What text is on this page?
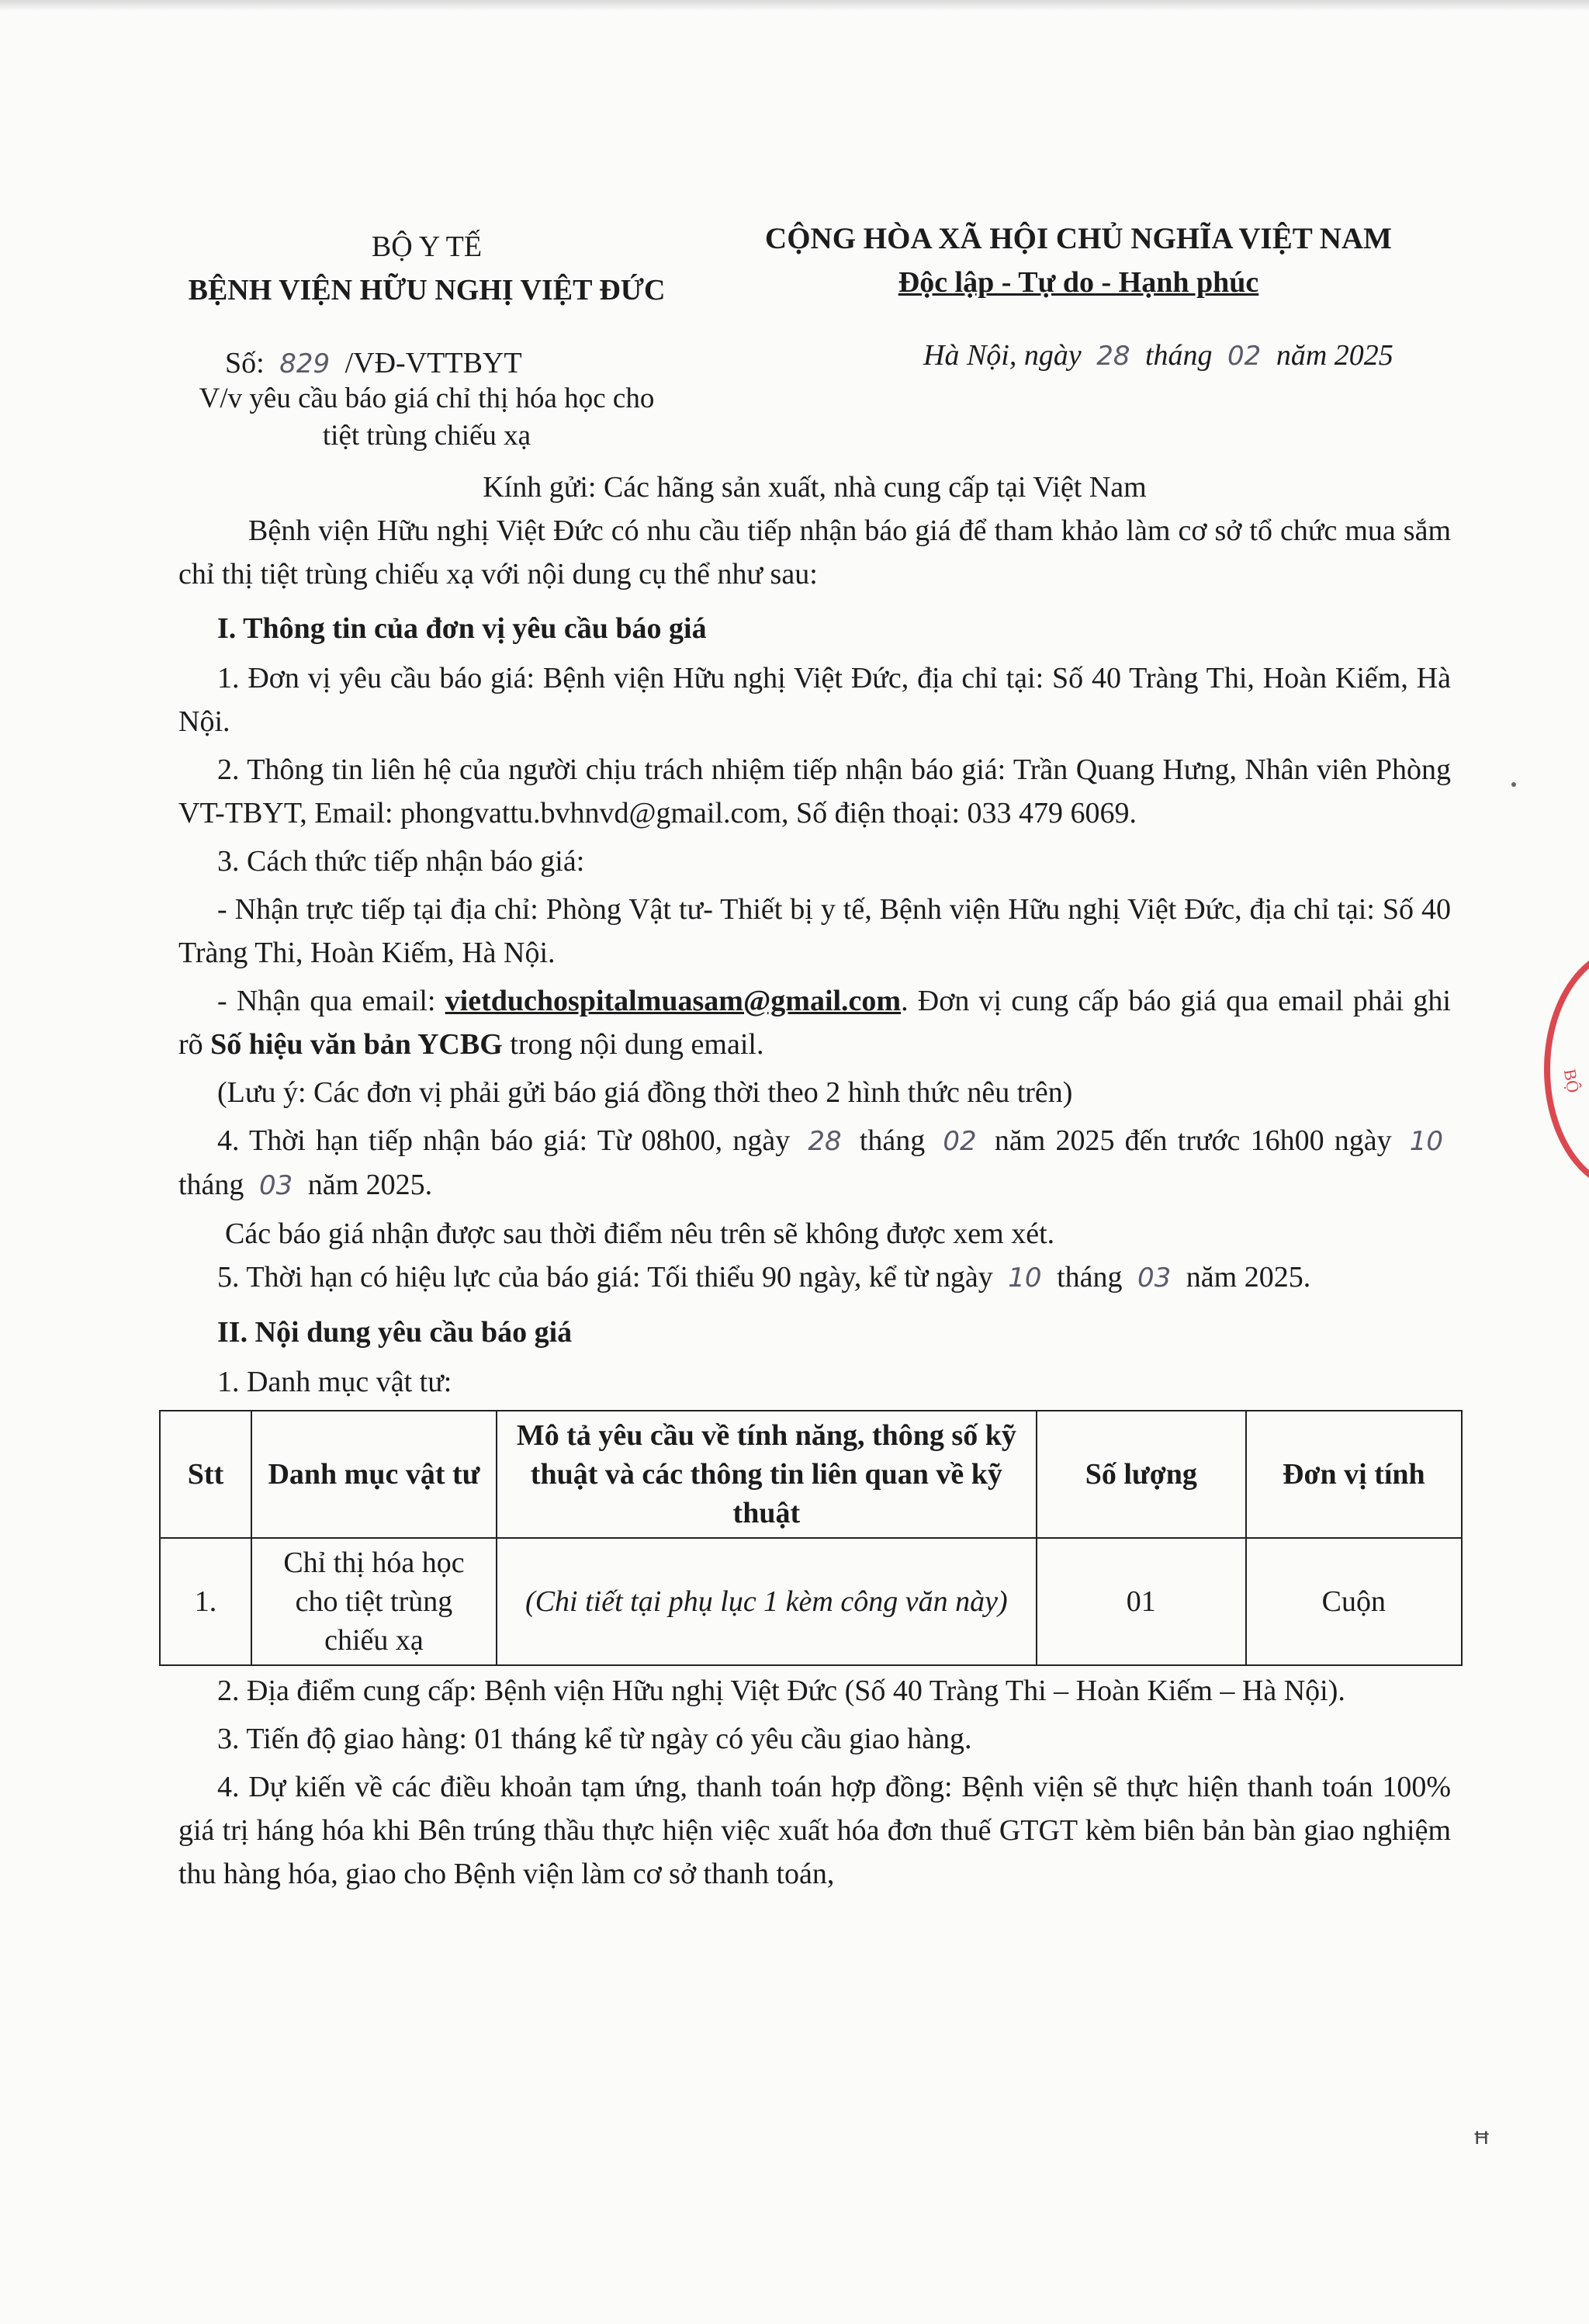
BỘ
BỘ Y TẾ
BỆNH VIỆN HỮU NGHỊ VIỆT ĐỨC
CỘNG HÒA XÃ HỘI CHỦ NGHĨA VIỆT NAM
Độc lập - Tự do - Hạnh phúc
Số: 829 /VĐ-VTTBYT
V/v yêu cầu báo giá chỉ thị hóa học cho
tiệt trùng chiếu xạ
Hà Nội, ngày 28 tháng 02 năm 2025

Kính gửi: Các hãng sản xuất, nhà cung cấp tại Việt Nam

Bệnh viện Hữu nghị Việt Đức có nhu cầu tiếp nhận báo giá để tham khảo làm cơ sở tổ chức mua sắm chỉ thị tiệt trùng chiếu xạ với nội dung cụ thể như sau:

I. Thông tin của đơn vị yêu cầu báo giá

1. Đơn vị yêu cầu báo giá: Bệnh viện Hữu nghị Việt Đức, địa chỉ tại: Số 40 Tràng Thi, Hoàn Kiếm, Hà Nội.

2. Thông tin liên hệ của người chịu trách nhiệm tiếp nhận báo giá: Trần Quang Hưng, Nhân viên Phòng VT-TBYT, Email: phongvattu.bvhnvd@gmail.com, Số điện thoại: 033 479 6069.

3. Cách thức tiếp nhận báo giá:

- Nhận trực tiếp tại địa chỉ: Phòng Vật tư- Thiết bị y tế, Bệnh viện Hữu nghị Việt Đức, địa chỉ tại: Số 40 Tràng Thi, Hoàn Kiếm, Hà Nội.

- Nhận qua email: vietduchospitalmuasam@gmail.com. Đơn vị cung cấp báo giá qua email phải ghi rõ Số hiệu văn bản YCBG trong nội dung email.

(Lưu ý: Các đơn vị phải gửi báo giá đồng thời theo 2 hình thức nêu trên)

4. Thời hạn tiếp nhận báo giá: Từ 08h00, ngày 28 tháng 02 năm 2025 đến trước 16h00 ngày 10 tháng 03 năm 2025.

Các báo giá nhận được sau thời điểm nêu trên sẽ không được xem xét.

5. Thời hạn có hiệu lực của báo giá: Tối thiểu 90 ngày, kể từ ngày 10 tháng 03 năm 2025.

II. Nội dung yêu cầu báo giá

1. Danh mục vật tư:

Stt	Danh mục vật tư	Mô tả yêu cầu về tính năng, thông số kỹ thuật và các thông tin liên quan về kỹ thuật	Số lượng	Đơn vị tính
1.	Chỉ thị hóa học cho tiệt trùng chiếu xạ	(Chi tiết tại phụ lục 1 kèm công văn này)	01	Cuộn

2. Địa điểm cung cấp: Bệnh viện Hữu nghị Việt Đức (Số 40 Tràng Thi – Hoàn Kiếm – Hà Nội).

3. Tiến độ giao hàng: 01 tháng kể từ ngày có yêu cầu giao hàng.

4. Dự kiến về các điều khoản tạm ứng, thanh toán hợp đồng: Bệnh viện sẽ thực hiện thanh toán 100% giá trị háng hóa khi Bên trúng thầu thực hiện việc xuất hóa đơn thuế GTGT kèm biên bản bàn giao nghiệm thu hàng hóa, giao cho Bệnh viện làm cơ sở thanh toán,

ꟸ
